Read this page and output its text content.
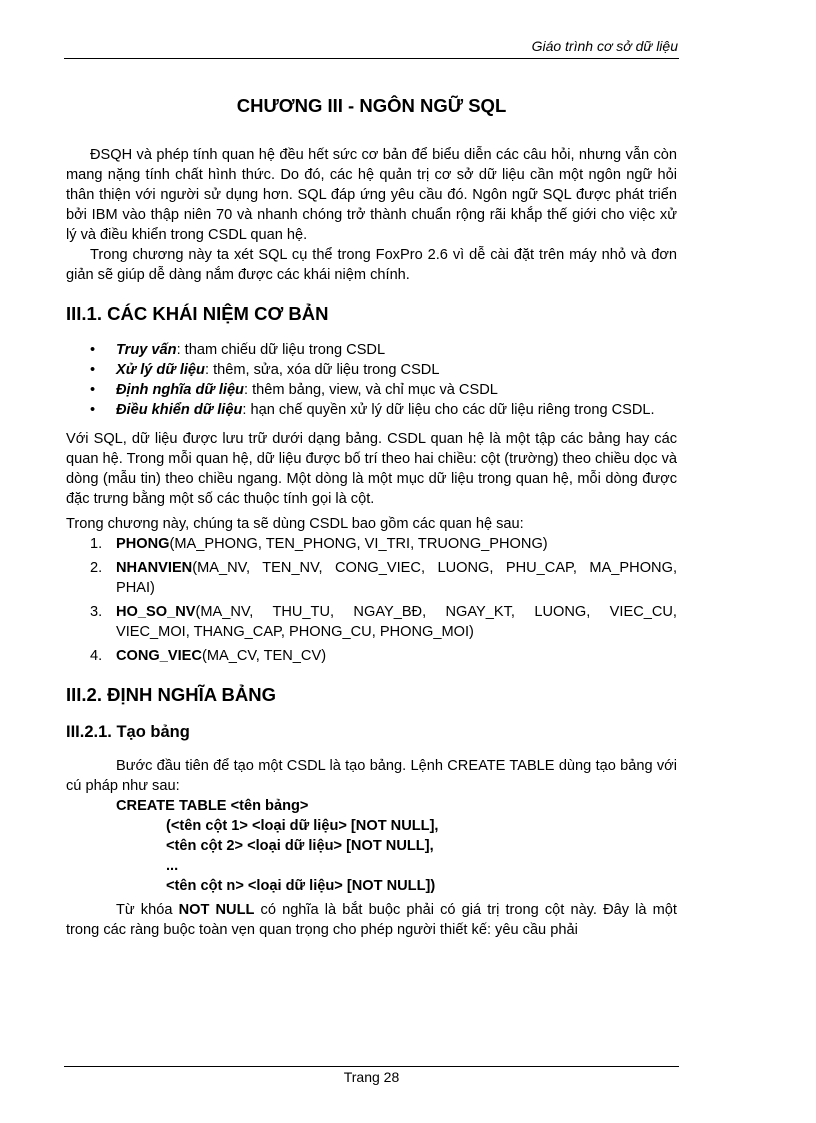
Giáo trình cơ sở dữ liệu
CHƯƠNG III - NGÔN NGỮ SQL

ĐSQH và phép tính quan hệ đều hết sức cơ bản để biểu diễn các câu hỏi, nhưng vẫn còn mang nặng tính chất hình thức. Do đó, các hệ quản trị cơ sở dữ liệu cần một ngôn ngữ hỏi thân thiện với người sử dụng hơn. SQL đáp ứng yêu cầu đó. Ngôn ngữ SQL được phát triển bởi IBM vào thập niên 70 và nhanh chóng trở thành chuẩn rộng rãi khắp thế giới cho việc xử lý và điều khiển trong CSDL quan hệ.

Trong chương này ta xét SQL cụ thể trong FoxPro 2.6 vì dễ cài đặt trên máy nhỏ và đơn giản sẽ giúp dễ dàng nắm được các khái niệm chính.

III.1. CÁC KHÁI NIỆM CƠ BẢN
• Truy vấn: tham chiếu dữ liệu trong CSDL
• Xử lý dữ liệu: thêm, sửa, xóa dữ liệu trong CSDL
• Định nghĩa dữ liệu: thêm bảng, view, và chỉ mục và CSDL
• Điều khiển dữ liệu: hạn chế quyền xử lý dữ liệu cho các dữ liệu riêng trong CSDL.

Với SQL, dữ liệu được lưu trữ dưới dạng bảng. CSDL quan hệ là một tập các bảng hay các quan hệ. Trong mỗi quan hệ, dữ liệu được bố trí theo hai chiều: cột (trường) theo chiều dọc và dòng (mẫu tin) theo chiều ngang. Một dòng là một mục dữ liệu trong quan hệ, mỗi dòng được đặc trưng bằng một số các thuộc tính gọi là cột.

Trong chương này, chúng ta sẽ dùng CSDL bao gồm các quan hệ sau:

1. PHONG(MA_PHONG, TEN_PHONG, VI_TRI, TRUONG_PHONG)
2. NHANVIEN(MA_NV, TEN_NV, CONG_VIEC, LUONG, PHU_CAP, MA_PHONG, PHAI)
3. HO_SO_NV(MA_NV, THU_TU, NGAY_BĐ, NGAY_KT, LUONG, VIEC_CU, VIEC_MOI, THANG_CAP, PHONG_CU, PHONG_MOI)
4. CONG_VIEC(MA_CV, TEN_CV)
III.2. ĐỊNH NGHĨA BẢNG
III.2.1. Tạo bảng

Bước đầu tiên để tạo một CSDL là tạo bảng. Lệnh CREATE TABLE dùng tạo bảng với cú pháp như sau:

CREATE TABLE <tên bảng>
(<tên cột 1> <loại dữ liệu> [NOT NULL],
<tên cột 2> <loại dữ liệu> [NOT NULL],
...
<tên cột n> <loại dữ liệu> [NOT NULL])

Từ khóa NOT NULL có nghĩa là bắt buộc phải có giá trị trong cột này. Đây là một trong các ràng buộc toàn vẹn quan trọng cho phép người thiết kế: yêu cầu phải

Trang 28
